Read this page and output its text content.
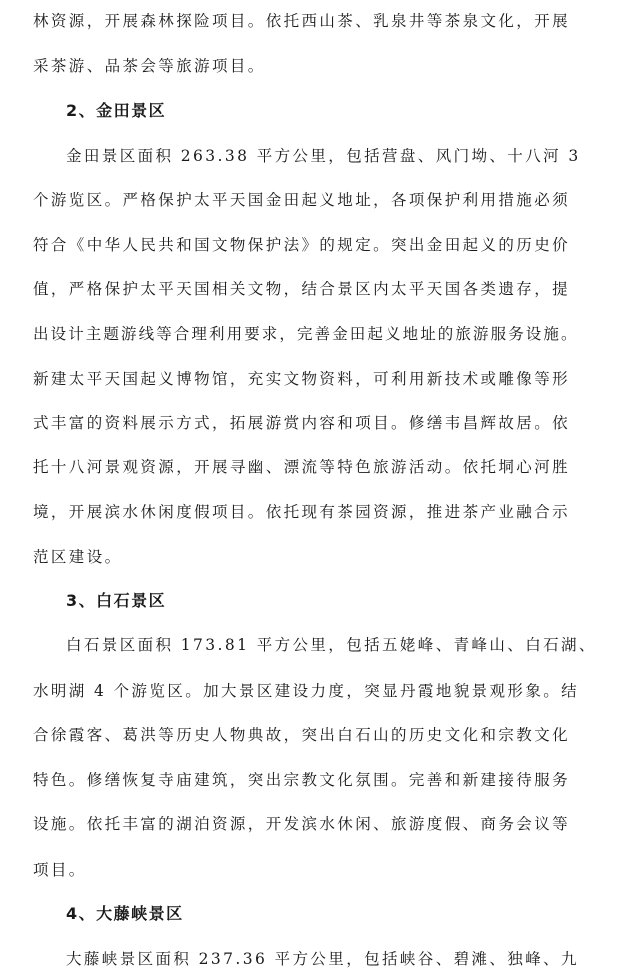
林资源，开展森林探险项目。依托西山茶、乳泉井等茶泉文化，开展
采茶游、品茶会等旅游项目。
2、金田景区
金田景区面积 263.38 平方公里，包括营盘、风门坳、十八河 3
个游览区。严格保护太平天国金田起义地址，各项保护利用措施必须
符合《中华人民共和国文物保护法》的规定。突出金田起义的历史价
值，严格保护太平天国相关文物，结合景区内太平天国各类遗存，提
出设计主题游线等合理利用要求，完善金田起义地址的旅游服务设施。
新建太平天国起义博物馆，充实文物资料，可利用新技术或雕像等形
式丰富的资料展示方式，拓展游赏内容和项目。修缮韦昌辉故居。依
托十八河景观资源，开展寻幽、漂流等特色旅游活动。依托垌心河胜
境，开展滨水休闲度假项目。依托现有茶园资源，推进茶产业融合示
范区建设。
3、白石景区
白石景区面积 173.81 平方公里，包括五姥峰、青峰山、白石湖、
水明湖 4 个游览区。加大景区建设力度，突显丹霞地貌景观形象。结
合徐霞客、葛洪等历史人物典故，突出白石山的历史文化和宗教文化
特色。修缮恢复寺庙建筑，突出宗教文化氛围。完善和新建接待服务
设施。依托丰富的湖泊资源，开发滨水休闲、旅游度假、商务会议等
项目。
4、大藤峡景区
大藤峡景区面积 237.36 平方公里，包括峡谷、碧滩、独峰、九
